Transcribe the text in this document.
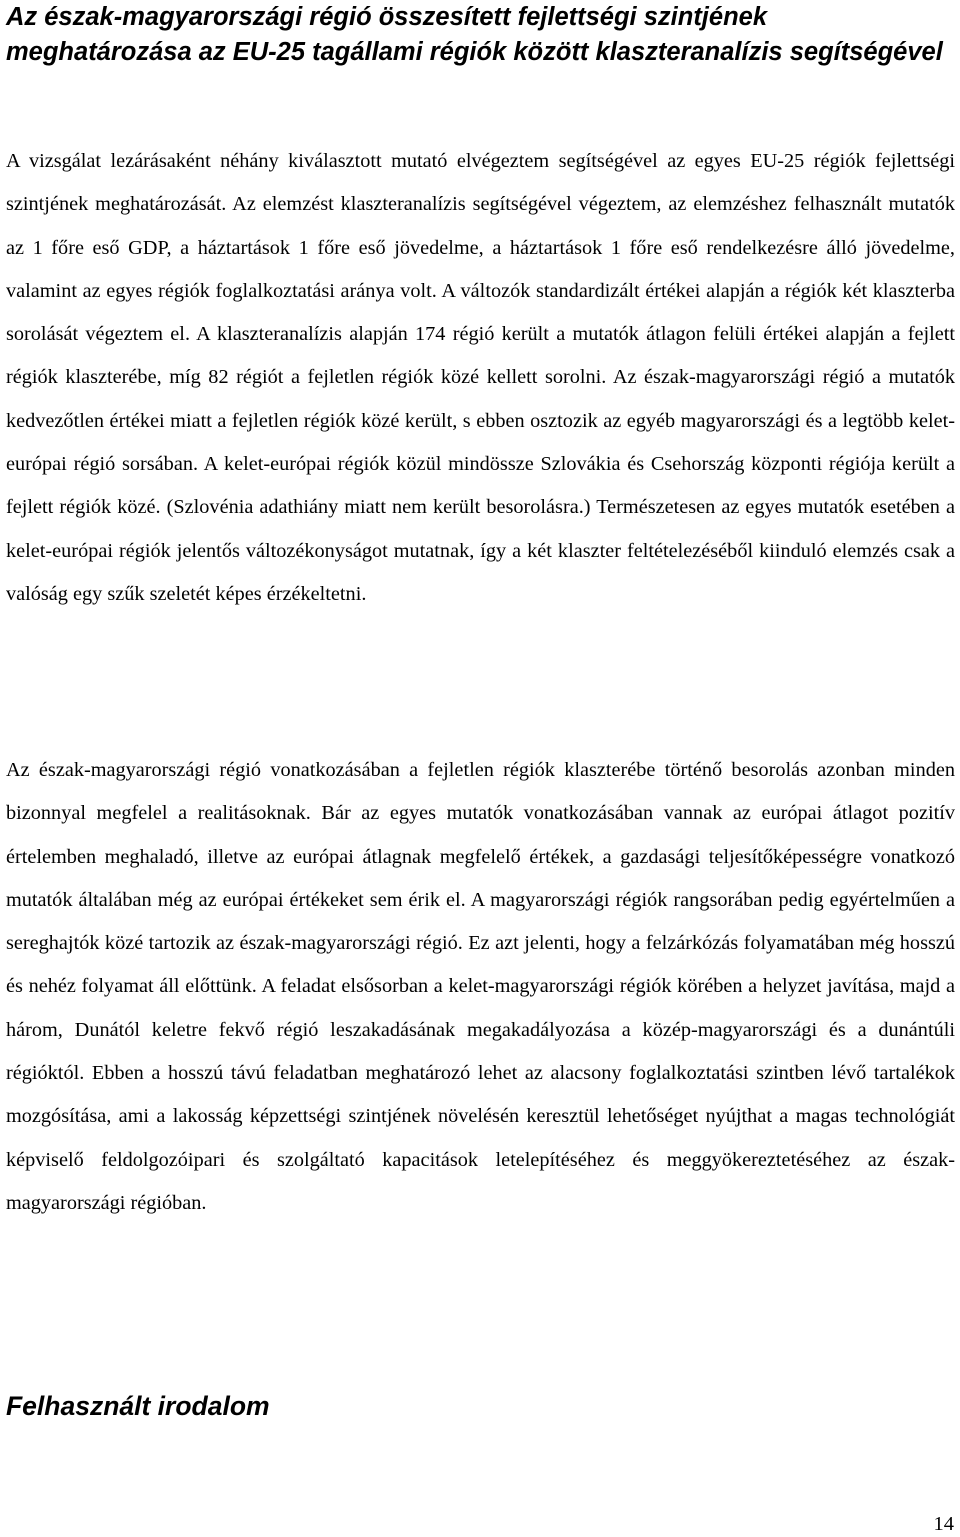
Az észak-magyarországi régió összesített fejlettségi szintjének meghatározása az EU-25 tagállami régiók között klaszteranalízis segítségével

A vizsgálat lezárásaként néhány kiválasztott mutató elvégeztem segítségével az egyes EU-25 régiók fejlettségi szintjének meghatározását. Az elemzést klaszteranalízis segítségével végeztem, az elemzéshez felhasznált mutatók az 1 főre eső GDP, a háztartások 1 főre eső jövedelme, a háztartások 1 főre eső rendelkezésre álló jövedelme, valamint az egyes régiók foglalkoztatási aránya volt. A változók standardizált értékei alapján a régiók két klaszterba sorolását végeztem el. A klaszteranalízis alapján 174 régió került a mutatók átlagon felüli értékei alapján a fejlett régiók klaszterébe, míg 82 régiót a fejletlen régiók közé kellett sorolni. Az észak-magyarországi régió a mutatók kedvezőtlen értékei miatt a fejletlen régiók közé került, s ebben osztozik az egyéb magyarországi és a legtöbb kelet-európai régió sorsában. A kelet-európai régiók közül mindössze Szlovákia és Csehország központi régiója került a fejlett régiók közé. (Szlovénia adathiány miatt nem került besorolásra.) Természetesen az egyes mutatók esetében a kelet-európai régiók jelentős változékonyságot mutatnak, így a két klaszter feltételezéséből kiinduló elemzés csak a valóság egy szűk szeletét képes érzékeltetni.

Az észak-magyarországi régió vonatkozásában a fejletlen régiók klaszterébe történő besorolás azonban minden bizonnyal megfelel a realitásoknak. Bár az egyes mutatók vonatkozásában vannak az európai átlagot pozitív értelemben meghaladó, illetve az európai átlagnak megfelelő értékek, a gazdasági teljesítőképességre vonatkozó mutatók általában még az európai értékeket sem érik el. A magyarországi régiók rangsorában pedig egyértelműen a sereghajtók közé tartozik az észak-magyarországi régió. Ez azt jelenti, hogy a felzárkózás folyamatában még hosszú és nehéz folyamat áll előttünk. A feladat elsősorban a kelet-magyarországi régiók körében a helyzet javítása, majd a három, Dunától keletre fekvő régió leszakadásának megakadályozása a közép-magyarországi és a dunántúli régióktól. Ebben a hosszú távú feladatban meghatározó lehet az alacsony foglalkoztatási szintben lévő tartalékok mozgósítása, ami a lakosság képzettségi szintjének növelésén keresztül lehetőséget nyújthat a magas technológiát képviselő feldolgozóipari és szolgáltató kapacitások letelepítéséhez és meggyökereztetéséhez az észak-magyarországi régióban.

Felhasznált irodalom
14
